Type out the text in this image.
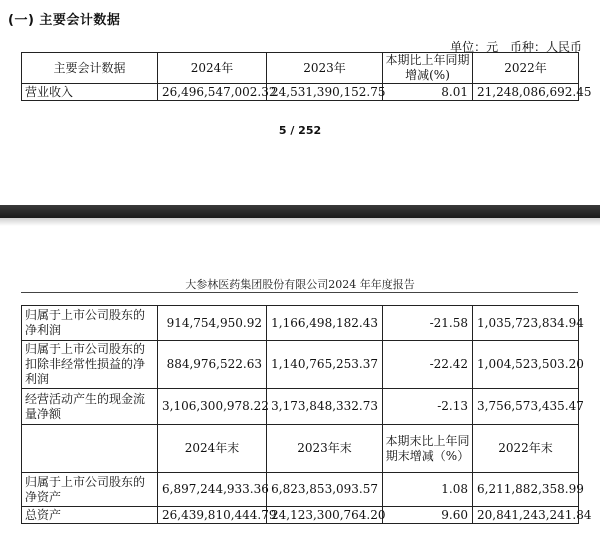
(一) 主要会计数据
单位：元 币种：人民币
主要会计数据	2024年	2023年	本期比上年同期增减(%)	2022年
营业收入	26,496,547,002.32	24,531,390,152.75	8.01	21,248,086,692.45
5 / 252
大参林医药集团股份有限公司2024 年年度报告
归属于上市公司股东的净利润	914,754,950.92	1,166,498,182.43	-21.58	1,035,723,834.94
归属于上市公司股东的扣除非经常性损益的净利润	884,976,522.63	1,140,765,253.37	-22.42	1,004,523,503.20
经营活动产生的现金流量净额	3,106,300,978.22	3,173,848,332.73	-2.13	3,756,573,435.47
	2024年末	2023年末	本期末比上年同期末增减（%）	2022年末
归属于上市公司股东的净资产	6,897,244,933.36	6,823,853,093.57	1.08	6,211,882,358.99
总资产	26,439,810,444.79	24,123,300,764.20	9.60	20,841,243,241.84
